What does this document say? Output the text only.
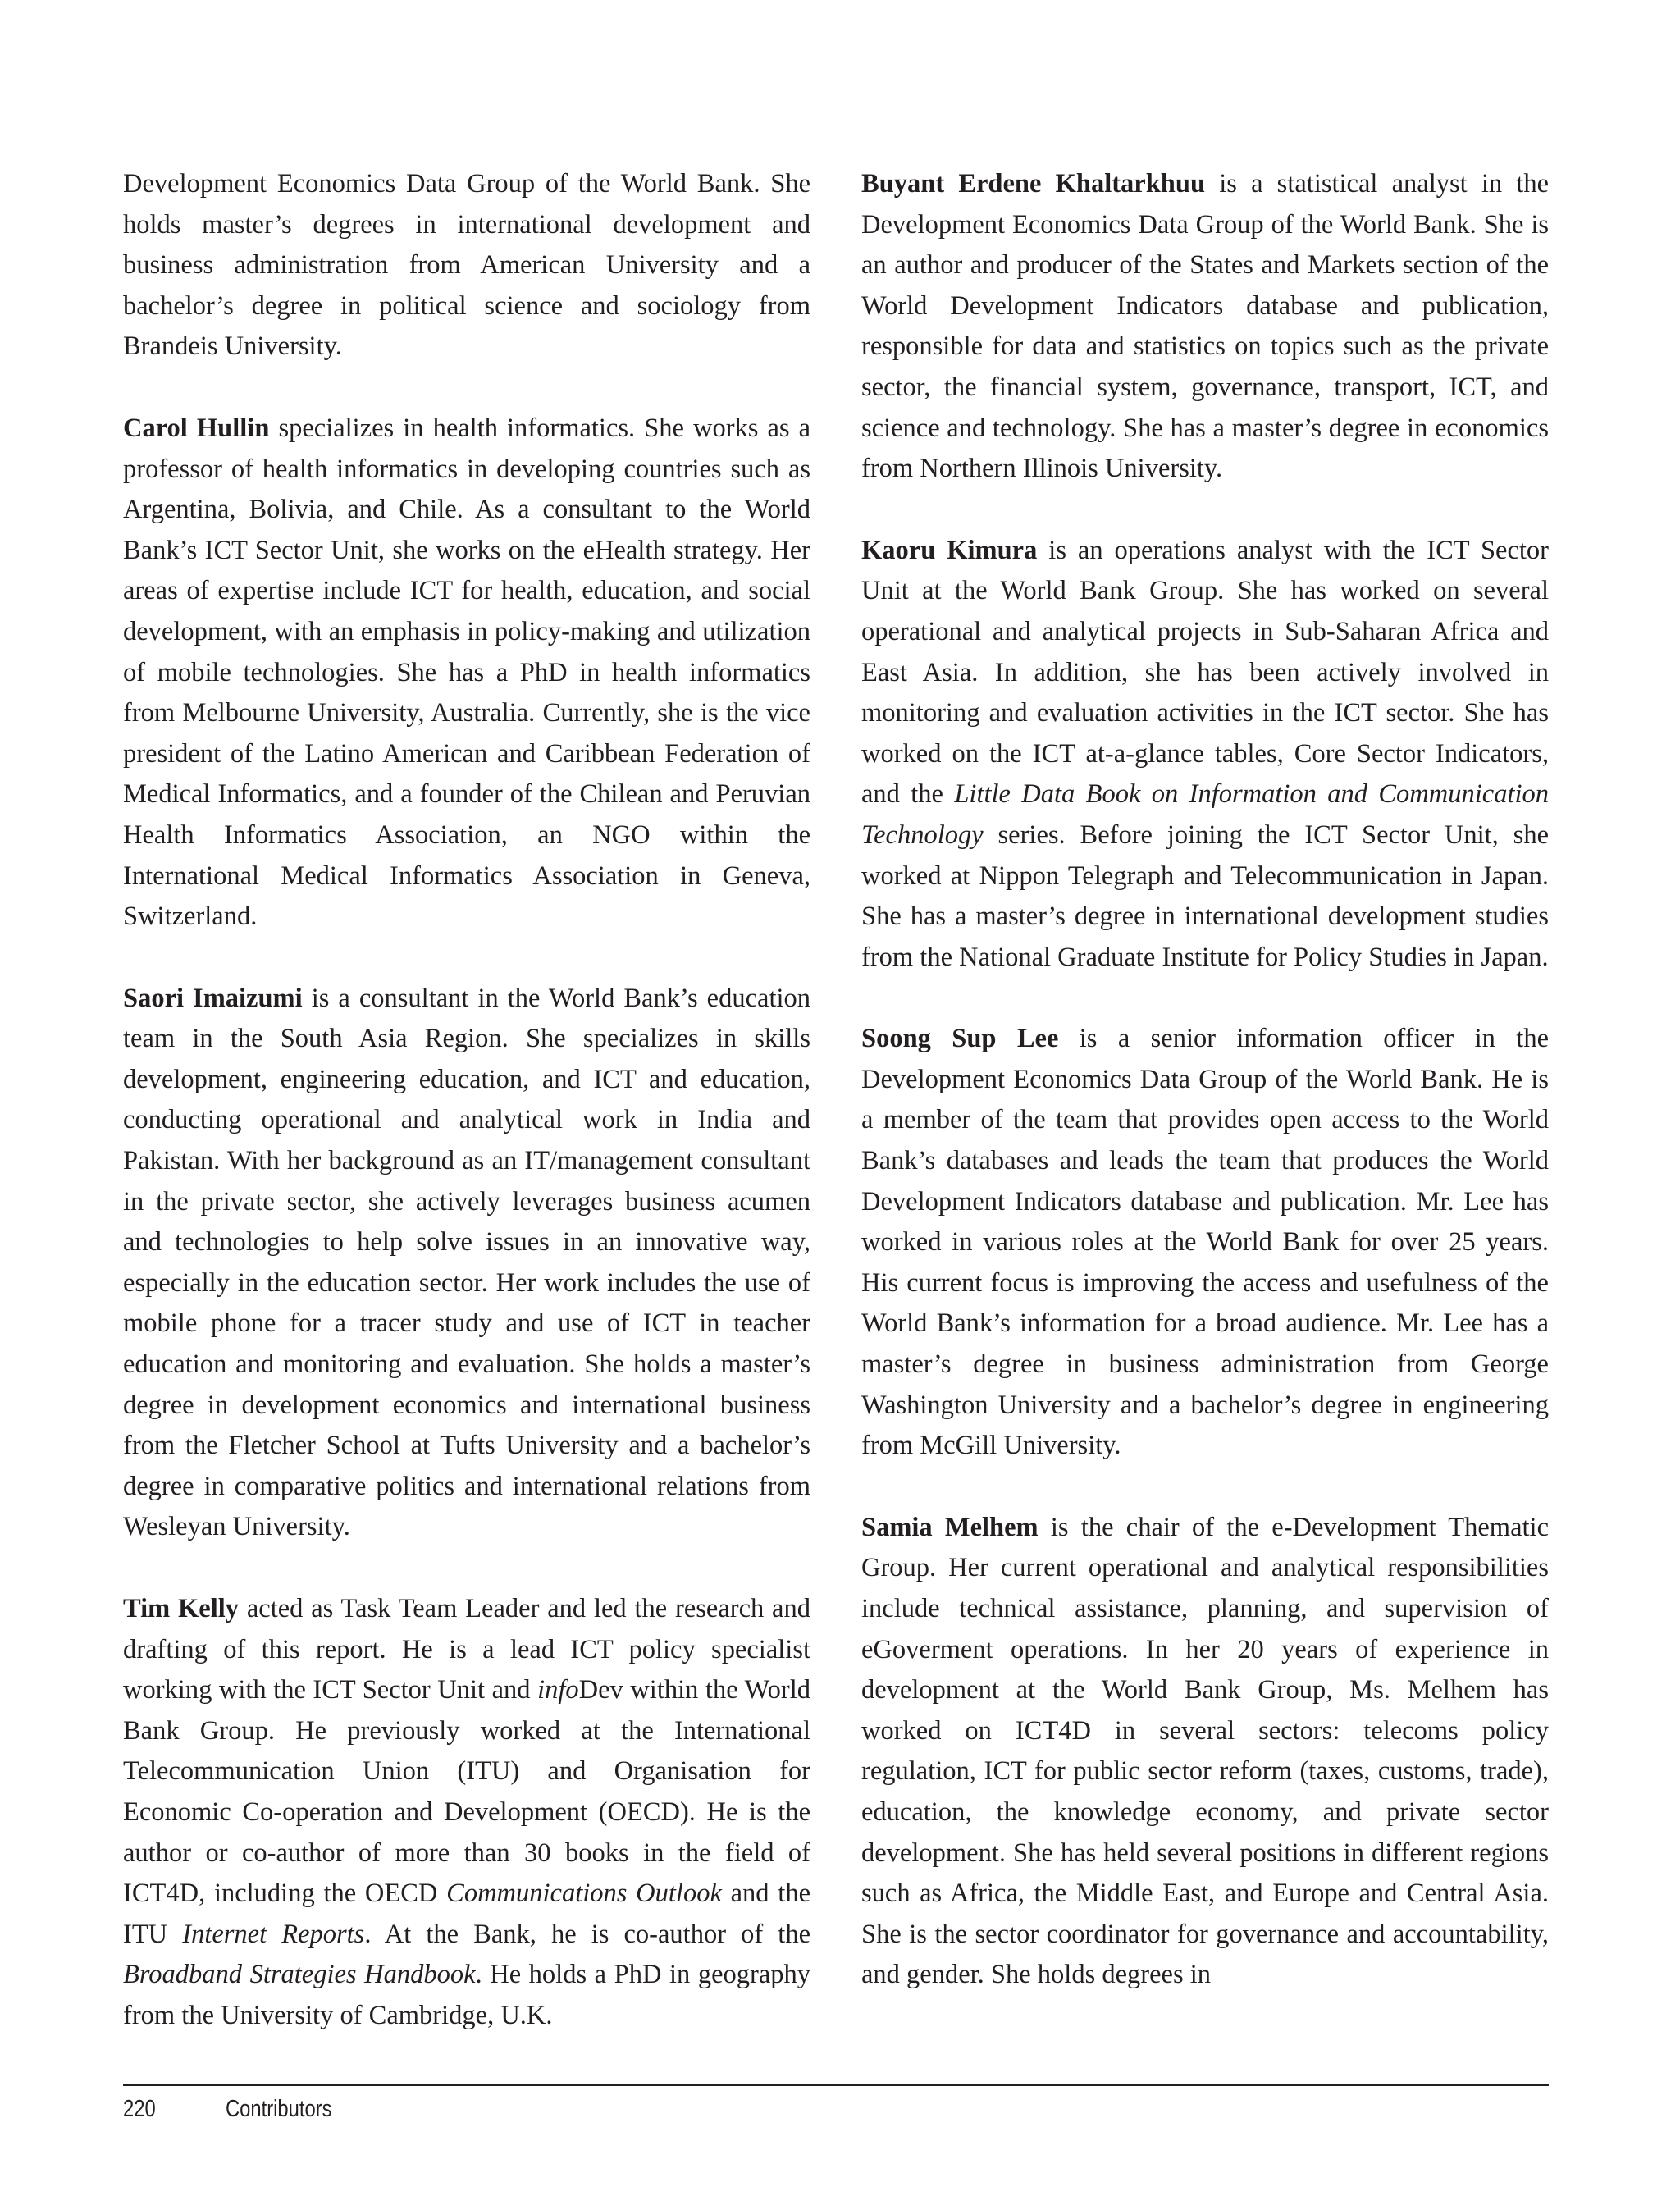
Development Economics Data Group of the World Bank. She holds master’s degrees in international development and business administration from American University and a bachelor’s degree in political science and sociology from Brandeis University.

Carol Hullin specializes in health informatics. She works as a professor of health informatics in developing countries such as Argentina, Bolivia, and Chile. As a consultant to the World Bank’s ICT Sector Unit, she works on the eHealth strategy. Her areas of expertise include ICT for health, education, and social development, with an emphasis in policy-making and utilization of mobile technologies. She has a PhD in health informatics from Melbourne University, Australia. Currently, she is the vice president of the Latino American and Caribbean Federation of Medical Informatics, and a founder of the Chilean and Peruvian Health Informatics Association, an NGO within the International Medical Informatics Association in Geneva, Switzerland.

Saori Imaizumi is a consultant in the World Bank’s education team in the South Asia Region. She specializes in skills development, engineering education, and ICT and education, conducting operational and analytical work in India and Pakistan. With her background as an IT/management consultant in the private sector, she actively leverages business acumen and technologies to help solve issues in an innovative way, especially in the education sector. Her work includes the use of mobile phone for a tracer study and use of ICT in teacher education and monitoring and evaluation. She holds a master’s degree in development economics and international business from the Fletcher School at Tufts University and a bachelor’s degree in comparative politics and international relations from Wesleyan University.

Tim Kelly acted as Task Team Leader and led the research and drafting of this report. He is a lead ICT policy specialist working with the ICT Sector Unit and infoDev within the World Bank Group. He previously worked at the International Telecommunication Union (ITU) and Organisation for Economic Co-operation and Development (OECD). He is the author or co-author of more than 30 books in the field of ICT4D, including the OECD Communications Outlook and the ITU Internet Reports. At the Bank, he is co-author of the Broadband Strategies Handbook. He holds a PhD in geography from the University of Cambridge, U.K.

Buyant Erdene Khaltarkhuu is a statistical analyst in the Development Economics Data Group of the World Bank. She is an author and producer of the States and Markets section of the World Development Indicators database and publication, responsible for data and statistics on topics such as the private sector, the financial system, governance, transport, ICT, and science and technology. She has a master’s degree in economics from Northern Illinois University.

Kaoru Kimura is an operations analyst with the ICT Sector Unit at the World Bank Group. She has worked on several operational and analytical projects in Sub-Saharan Africa and East Asia. In addition, she has been actively involved in monitoring and evaluation activities in the ICT sector. She has worked on the ICT at-a-glance tables, Core Sector Indicators, and the Little Data Book on Information and Communication Technology series. Before joining the ICT Sector Unit, she worked at Nippon Telegraph and Telecommunication in Japan. She has a master’s degree in international development studies from the National Graduate Institute for Policy Studies in Japan.

Soong Sup Lee is a senior information officer in the Development Economics Data Group of the World Bank. He is a member of the team that provides open access to the World Bank’s databases and leads the team that produces the World Development Indicators database and publication. Mr. Lee has worked in various roles at the World Bank for over 25 years. His current focus is improving the access and usefulness of the World Bank’s information for a broad audience. Mr. Lee has a master’s degree in business administration from George Washington University and a bachelor’s degree in engineering from McGill University.

Samia Melhem is the chair of the e-Development Thematic Group. Her current operational and analytical responsibilities include technical assistance, planning, and supervision of eGoverment operations. In her 20 years of experience in development at the World Bank Group, Ms. Melhem has worked on ICT4D in several sectors: telecoms policy regulation, ICT for public sector reform (taxes, customs, trade), education, the knowledge economy, and private sector development. She has held several positions in different regions such as Africa, the Middle East, and Europe and Central Asia. She is the sector coordinator for governance and accountability, and gender. She holds degrees in

220	Contributors
